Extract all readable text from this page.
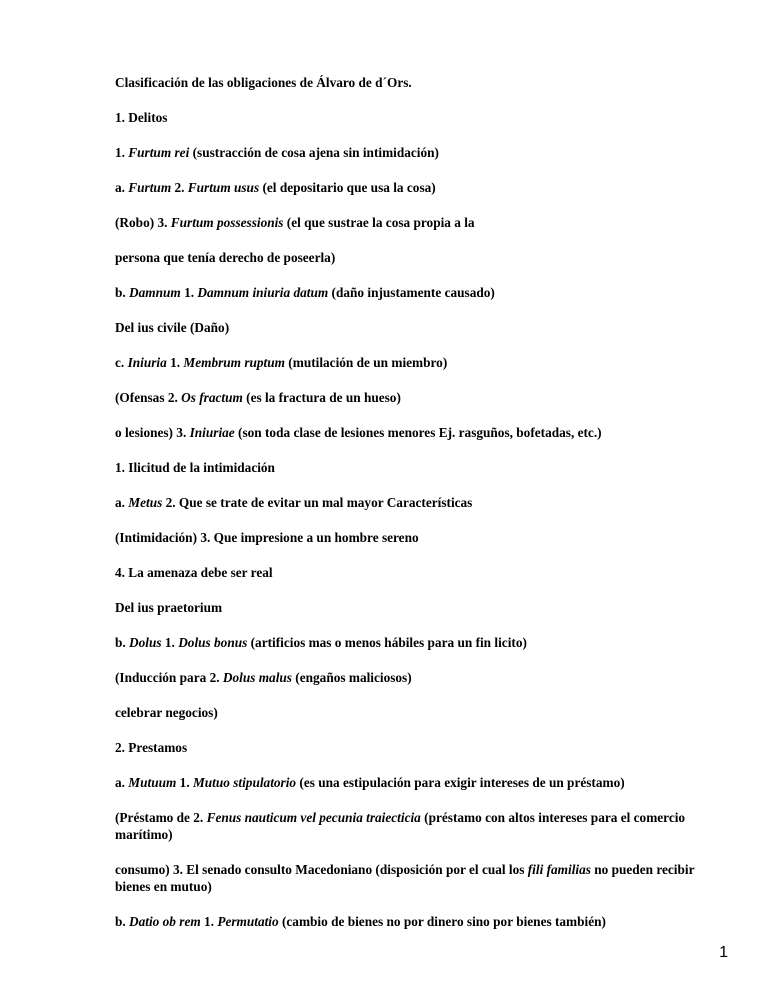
Clasificación de las obligaciones de Álvaro de d´Ors.

1. Delitos

1. Furtum rei (sustracción de cosa ajena sin intimidación)

a. Furtum 2. Furtum usus (el depositario que usa la cosa)

(Robo) 3. Furtum possessionis (el que sustrae la cosa propia a la

persona que tenía derecho de poseerla)

b. Damnum 1. Damnum iniuria datum (daño injustamente causado)

Del ius civile (Daño)

c. Iniuria 1. Membrum ruptum (mutilación de un miembro)

(Ofensas 2. Os fractum (es la fractura de un hueso)

o lesiones) 3. Iniuriae (son toda clase de lesiones menores Ej. rasguños, bofetadas, etc.)

1. Ilicitud de la intimidación

a. Metus 2. Que se trate de evitar un mal mayor Características

(Intimidación) 3. Que impresione a un hombre sereno

4. La amenaza debe ser real

Del ius praetorium

b. Dolus 1. Dolus bonus (artificios mas o menos hábiles para un fin licito)

(Inducción para 2. Dolus malus (engaños maliciosos)

celebrar negocios)

2. Prestamos

a. Mutuum 1. Mutuo stipulatorio (es una estipulación para exigir intereses de un préstamo)

(Préstamo de 2. Fenus nauticum vel pecunia traiecticia (préstamo con altos intereses para el comercio marítimo)

consumo) 3. El senado consulto Macedoniano (disposición por el cual los fili familias no pueden recibir bienes en mutuo)

b. Datio ob rem 1. Permutatio (cambio de bienes no por dinero sino por bienes también)

1
